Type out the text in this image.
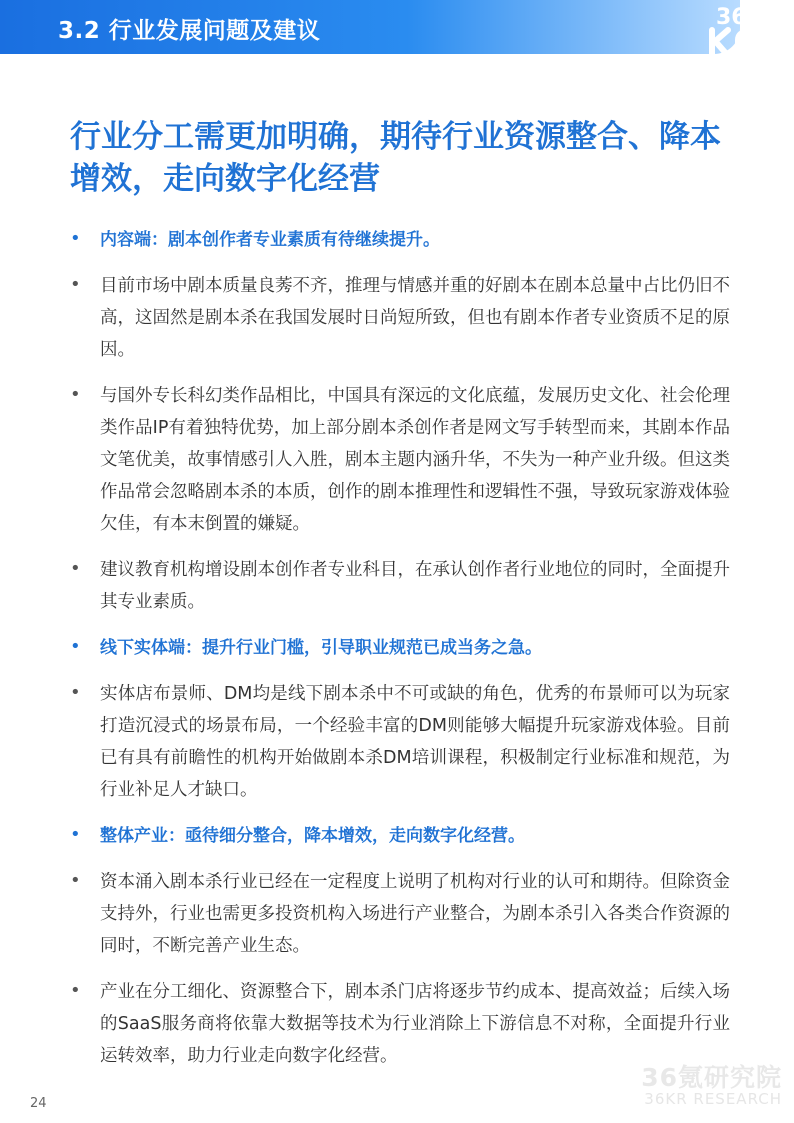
3.2 行业发展问题及建议
36
行业分工需更加明确，期待行业资源整合、降本增效，走向数字化经营
• 内容端：剧本创作者专业素质有待继续提升。
• 目前市场中剧本质量良莠不齐，推理与情感并重的好剧本在剧本总量中占比仍旧不高，这固然是剧本杀在我国发展时日尚短所致，但也有剧本作者专业资质不足的原因。
• 与国外专长科幻类作品相比，中国具有深远的文化底蕴，发展历史文化、社会伦理类作品IP有着独特优势，加上部分剧本杀创作者是网文写手转型而来，其剧本作品文笔优美，故事情感引人入胜，剧本主题内涵升华，不失为一种产业升级。但这类作品常会忽略剧本杀的本质，创作的剧本推理性和逻辑性不强，导致玩家游戏体验欠佳，有本末倒置的嫌疑。
• 建议教育机构增设剧本创作者专业科目，在承认创作者行业地位的同时，全面提升其专业素质。
• 线下实体端：提升行业门槛，引导职业规范已成当务之急。
• 实体店布景师、DM均是线下剧本杀中不可或缺的角色，优秀的布景师可以为玩家打造沉浸式的场景布局，一个经验丰富的DM则能够大幅提升玩家游戏体验。目前已有具有前瞻性的机构开始做剧本杀DM培训课程，积极制定行业标准和规范，为行业补足人才缺口。
• 整体产业：亟待细分整合，降本增效，走向数字化经营。
• 资本涌入剧本杀行业已经在一定程度上说明了机构对行业的认可和期待。但除资金支持外，行业也需更多投资机构入场进行产业整合，为剧本杀引入各类合作资源的同时，不断完善产业生态。
• 产业在分工细化、资源整合下，剧本杀门店将逐步节约成本、提高效益；后续入场的SaaS服务商将依靠大数据等技术为行业消除上下游信息不对称，全面提升行业运转效率，助力行业走向数字化经营。
24
36氪研究院
36KR RESEARCH
